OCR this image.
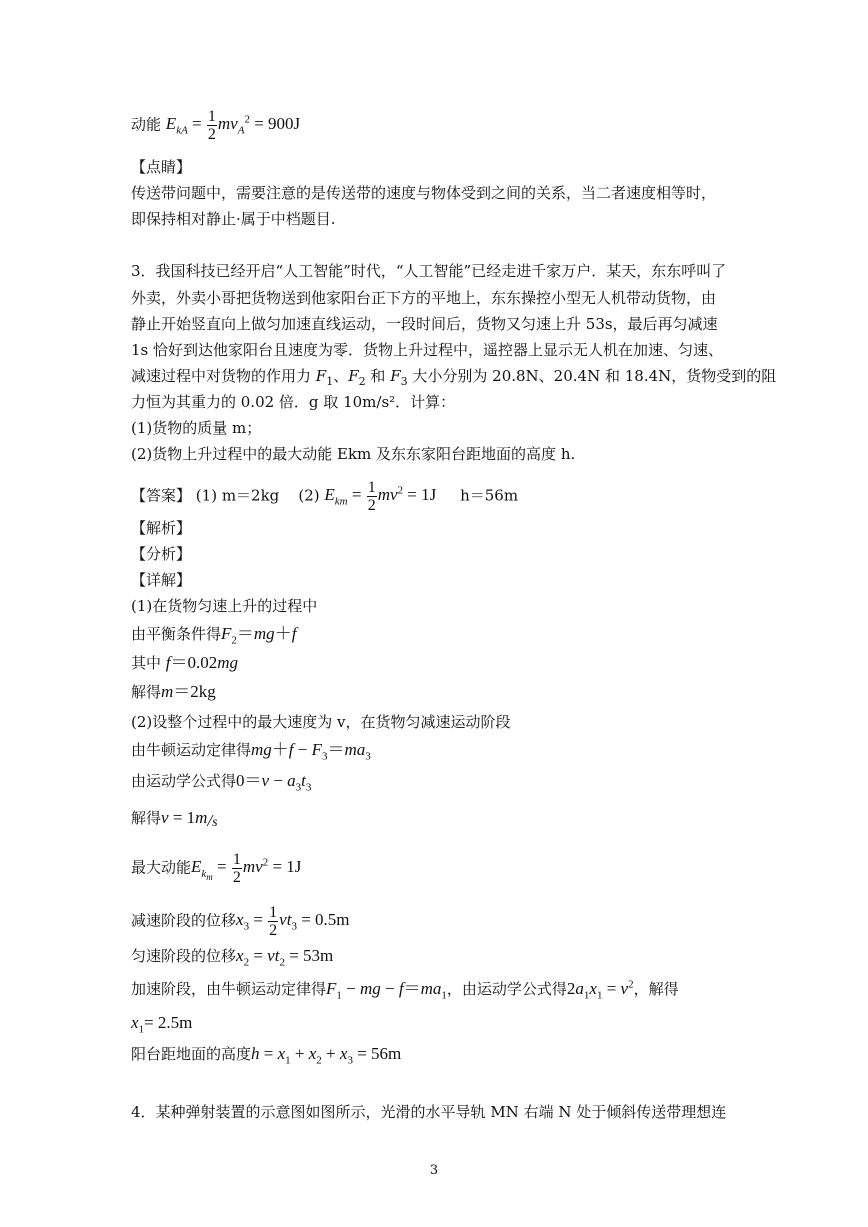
动能 $E_{kA} = \frac{1}{2} mv_A^2 = 900J$
【点睛】
传送带问题中，需要注意的是传送带的速度与物体受到之间的关系，当二者速度相等时，
即保持相对静止·属于中档题目.
3．我国科技已经开启“人工智能”时代，“人工智能”已经走进千家万户．某天，东东呼叫了
外卖，外卖小哥把货物送到他家阳台正下方的平地上，东东操控小型无人机带动货物，由
静止开始竖直向上做匀加速直线运动，一段时间后，货物又匀速上升 53s，最后再匀减速
1s 恰好到达他家阳台且速度为零．货物上升过程中，遥控器上显示无人机在加速、匀速、
减速过程中对货物的作用力 $F_1$、$F_2$ 和 $F_3$ 大小分别为 20.8N、20.4N 和 18.4N，货物受到的阻
力恒为其重力的 0.02 倍．g 取 10m/s²．计算：
(1)货物的质量 m；
(2)货物上升过程中的最大动能 Ekm 及东东家阳台距地面的高度 h.
【答案】 (1) m＝2kg (2) $E_{km} = \frac{1}{2} mv^2 = 1J$ h＝56m
【解析】
【分析】
【详解】
(1)在货物匀速上升的过程中
由平衡条件得$F_2=mg+f$
其中 f＝0.02mg
解得m＝2kg
(2)设整个过程中的最大速度为 v，在货物匀减速运动阶段
由牛顿运动定律得$mg+f - F_3=ma_3$
由运动学公式得$0=v - a_3t_3$
解得v = 1m/s
最大动能$E_{k_m} = \frac{1}{2} mv^2 = 1J$
减速阶段的位移$x_3 = \frac{1}{2} vt_3 = 0.5m$
匀速阶段的位移$x_2 = vt_2 = 53m$
加速阶段，由牛顿运动定律得$F_1$ − mg − $f=ma_1$，由运动学公式得$2a_1x_1 = v^2$，解得
$x_1= 2.5m$
阳台距地面的高度$h = x_1 + x_2 + x_3 = 56m$
4．某种弹射装置的示意图如图所示，光滑的水平导轨 MN 右端 N 处于倾斜传送带理想连
3
